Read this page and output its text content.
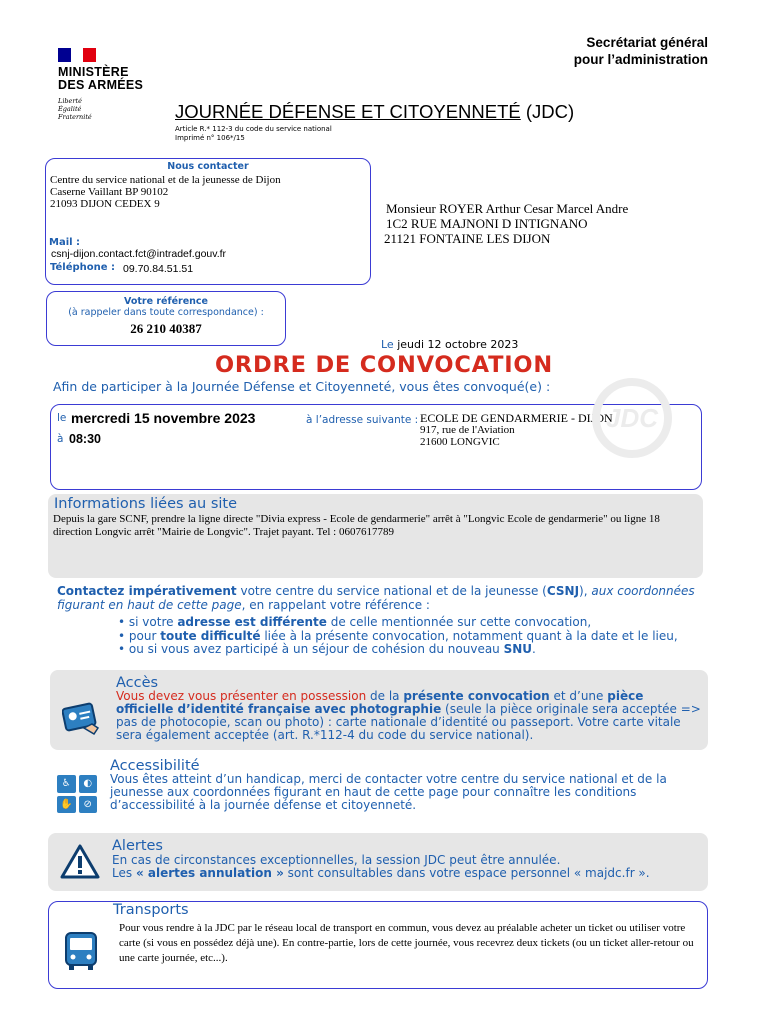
MINISTÈRE
DES ARMÉES
Liberté
Égalité
Fraternité
Secrétariat général
pour l’administration
JOURNÉE DÉFENSE ET CITOYENNETÉ (JDC)
Article R.* 112-3 du code du service national
Imprimé n° 106*/15
Nous contacter
Centre du service national et de la jeunesse de Dijon
Caserne Vaillant BP 90102
21093 DIJON CEDEX 9
Mail :
csnj-dijon.contact.fct@intradef.gouv.fr
Téléphone : 09.70.84.51.51
Votre référence
(à rappeler dans toute correspondance) :
26 210 40387
Monsieur ROYER Arthur Cesar Marcel Andre
1C2 RUE MAJNONI D INTIGNANO
21121 FONTAINE LES DIJON
Le jeudi 12 octobre 2023
ORDRE DE CONVOCATION
Afin de participer à la Journée Défense et Citoyenneté, vous êtes convoqué(e) :
le mercredi 15 novembre 2023
à 08:30
à l’adresse suivante : ECOLE DE GENDARMERIE - DIJON
917, rue de l'Aviation
21600 LONGVIC
JDC
Informations liées au site
Depuis la gare SCNF, prendre la ligne directe "Divia express - Ecole de gendarmerie" arrêt à "Longvic Ecole de gendarmerie" ou ligne 18 direction Longvic arrêt "Mairie de Longvic". Trajet payant. Tel : 0607617789
Contactez impérativement votre centre du service national et de la jeunesse (CSNJ), aux coordonnées figurant en haut de cette page, en rappelant votre référence :
• si votre adresse est différente de celle mentionnée sur cette convocation,
• pour toute difficulté liée à la présente convocation, notamment quant à la date et le lieu,
• ou si vous avez participé à un séjour de cohésion du nouveau SNU.
Accès
Vous devez vous présenter en possession de la présente convocation et d’une pièce officielle d’identité française avec photographie (seule la pièce originale sera acceptée => pas de photocopie, scan ou photo) : carte nationale d’identité ou passeport. Votre carte vitale sera également acceptée (art. R.*112-4 du code du service national).
♿	◐
✋	⊘
Accessibilité
Vous êtes atteint d’un handicap, merci de contacter votre centre du service national et de la jeunesse aux coordonnées figurant en haut de cette page pour connaître les conditions d’accessibilité à la journée défense et citoyenneté.
Alertes
En cas de circonstances exceptionnelles, la session JDC peut être annulée.
Les « alertes annulation » sont consultables dans votre espace personnel « majdc.fr ».
Transports
Pour vous rendre à la JDC par le réseau local de transport en commun, vous devez au préalable acheter un ticket ou utiliser votre carte (si vous en possédez déjà une). En contre-partie, lors de cette journée, vous recevrez deux tickets (ou un ticket aller-retour ou une carte journée, etc...).
